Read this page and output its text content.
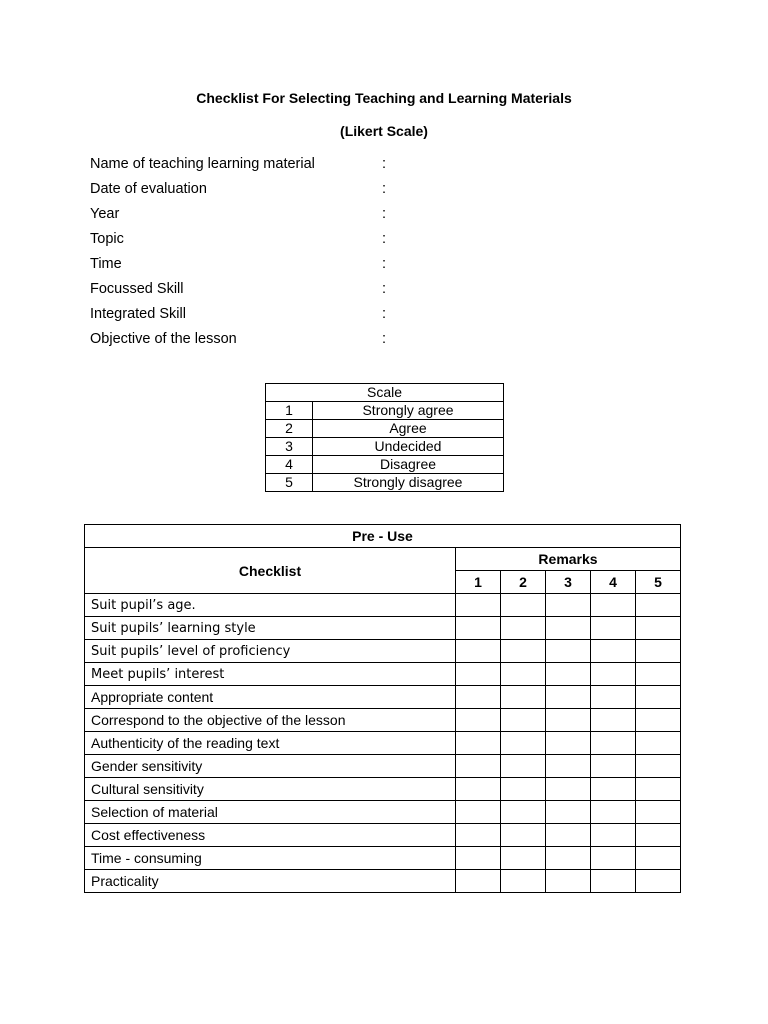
Checklist For Selecting Teaching and Learning Materials
(Likert Scale)
Name of teaching learning material	:
Date of evaluation	:
Year	:
Topic	:
Time	:
Focussed Skill	:
Integrated Skill	:
Objective of the lesson	:
Scale	
1	Strongly agree
2	Agree
3	Undecided
4	Disagree
5	Strongly disagree
Pre - Use					
Checklist	Remarks				
	1	2	3	4	5
Suit pupil’s age.					
Suit pupils’ learning style					
Suit pupils’ level of proficiency					
Meet pupils’ interest					
Appropriate content					
Correspond to the objective of the lesson					
Authenticity of the reading text					
Gender sensitivity					
Cultural sensitivity					
Selection of material					
Cost effectiveness					
Time - consuming					
Practicality					
